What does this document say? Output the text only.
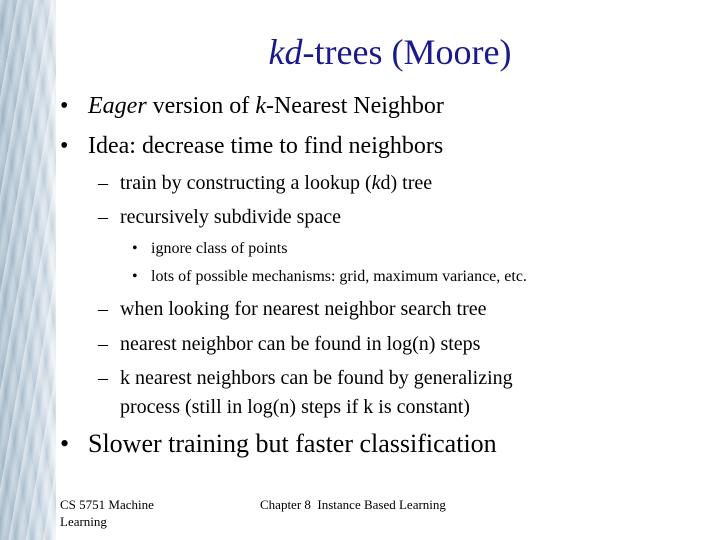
kd-trees (Moore)
• Eager version of k-Nearest Neighbor
• Idea: decrease time to find neighbors
– train by constructing a lookup (kd) tree
– recursively subdivide space
• ignore class of points
• lots of possible mechanisms: grid, maximum variance, etc.
– when looking for nearest neighbor search tree
– nearest neighbor can be found in log(n) steps
– k nearest neighbors can be found by generalizing
process (still in log(n) steps if k is constant)
• Slower training but faster classification
CS 5751 Machine
Learning
Chapter 8  Instance Based Learning
